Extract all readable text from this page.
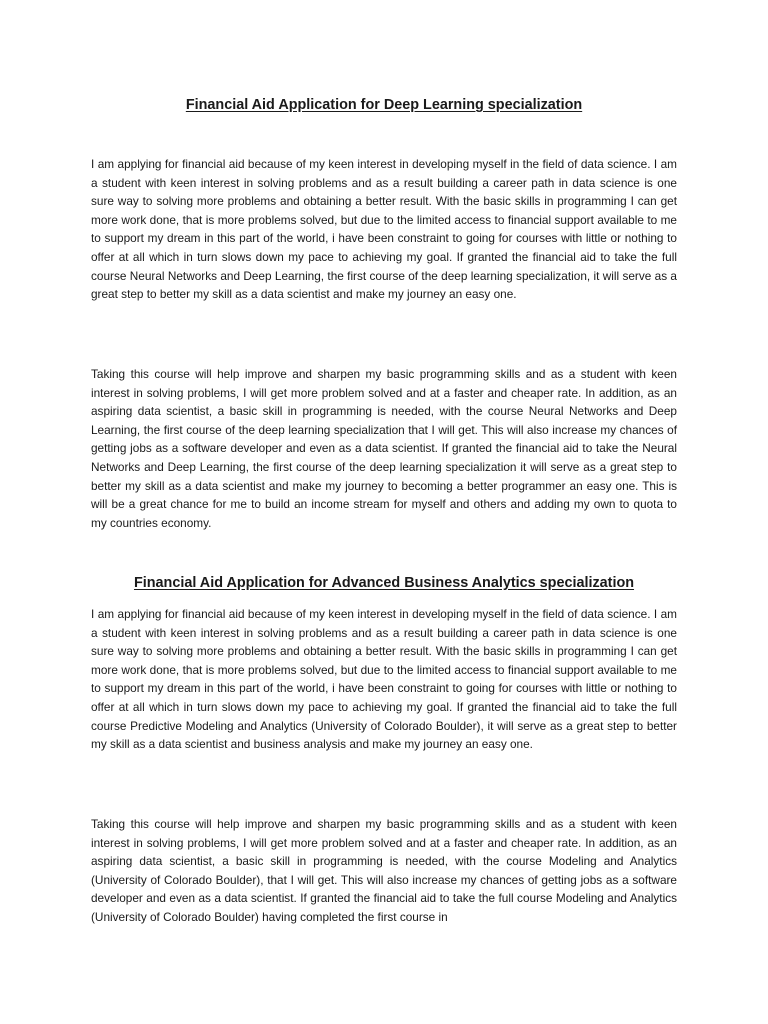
Financial Aid Application for Deep Learning specialization

I am applying for financial aid because of my keen interest in developing myself in the field of data science. I am a student with keen interest in solving problems and as a result building a career path in data science is one sure way to solving more problems and obtaining a better result. With the basic skills in programming I can get more work done, that is more problems solved, but due to the limited access to financial support available to me to support my dream in this part of the world, i have been constraint to going for courses with little or nothing to offer at all which in turn slows down my pace to achieving my goal. If granted the financial aid to take the full course Neural Networks and Deep Learning, the first course of the deep learning specialization, it will serve as a great step to better my skill as a data scientist and make my journey an easy one.

Taking this course will help improve and sharpen my basic programming skills and as a student with keen interest in solving problems, I will get more problem solved and at a faster and cheaper rate. In addition, as an aspiring data scientist, a basic skill in programming is needed, with the course Neural Networks and Deep Learning, the first course of the deep learning specialization that I will get. This will also increase my chances of getting jobs as a software developer and even as a data scientist. If granted the financial aid to take the Neural Networks and Deep Learning, the first course of the deep learning specialization it will serve as a great step to better my skill as a data scientist and make my journey to becoming a better programmer an easy one. This is will be a great chance for me to build an income stream for myself and others and adding my own to quota to my countries economy.

Financial Aid Application for Advanced Business Analytics specialization

I am applying for financial aid because of my keen interest in developing myself in the field of data science. I am a student with keen interest in solving problems and as a result building a career path in data science is one sure way to solving more problems and obtaining a better result. With the basic skills in programming I can get more work done, that is more problems solved, but due to the limited access to financial support available to me to support my dream in this part of the world, i have been constraint to going for courses with little or nothing to offer at all which in turn slows down my pace to achieving my goal. If granted the financial aid to take the full course Predictive Modeling and Analytics (University of Colorado Boulder), it will serve as a great step to better my skill as a data scientist and business analysis and make my journey an easy one.

Taking this course will help improve and sharpen my basic programming skills and as a student with keen interest in solving problems, I will get more problem solved and at a faster and cheaper rate. In addition, as an aspiring data scientist, a basic skill in programming is needed, with the course Modeling and Analytics (University of Colorado Boulder), that I will get. This will also increase my chances of getting jobs as a software developer and even as a data scientist. If granted the financial aid to take the full course Modeling and Analytics (University of Colorado Boulder) having completed the first course in
